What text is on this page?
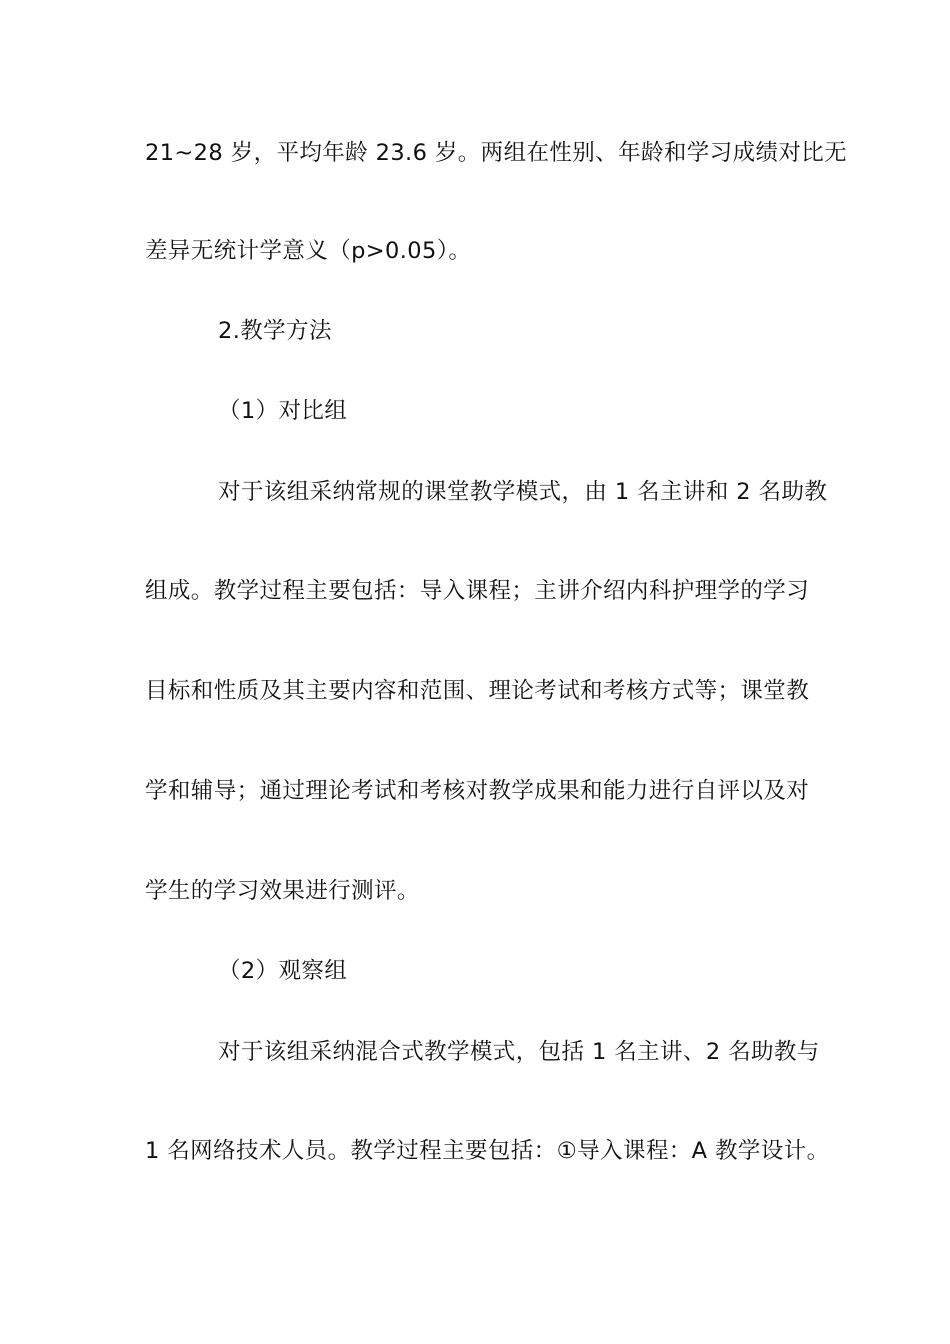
21~28 岁，平均年龄 23.6 岁。两组在性别、年龄和学习成绩对比无
差异无统计学意义（p>0.05）。
2.教学方法
（1）对比组
对于该组采纳常规的课堂教学模式，由 1 名主讲和 2 名助教
组成。教学过程主要包括：导入课程；主讲介绍内科护理学的学习
目标和性质及其主要内容和范围、理论考试和考核方式等；课堂教
学和辅导；通过理论考试和考核对教学成果和能力进行自评以及对
学生的学习效果进行测评。
（2）观察组
对于该组采纳混合式教学模式，包括 1 名主讲、2 名助教与
1 名网络技术人员。教学过程主要包括：①导入课程：A 教学设计。
